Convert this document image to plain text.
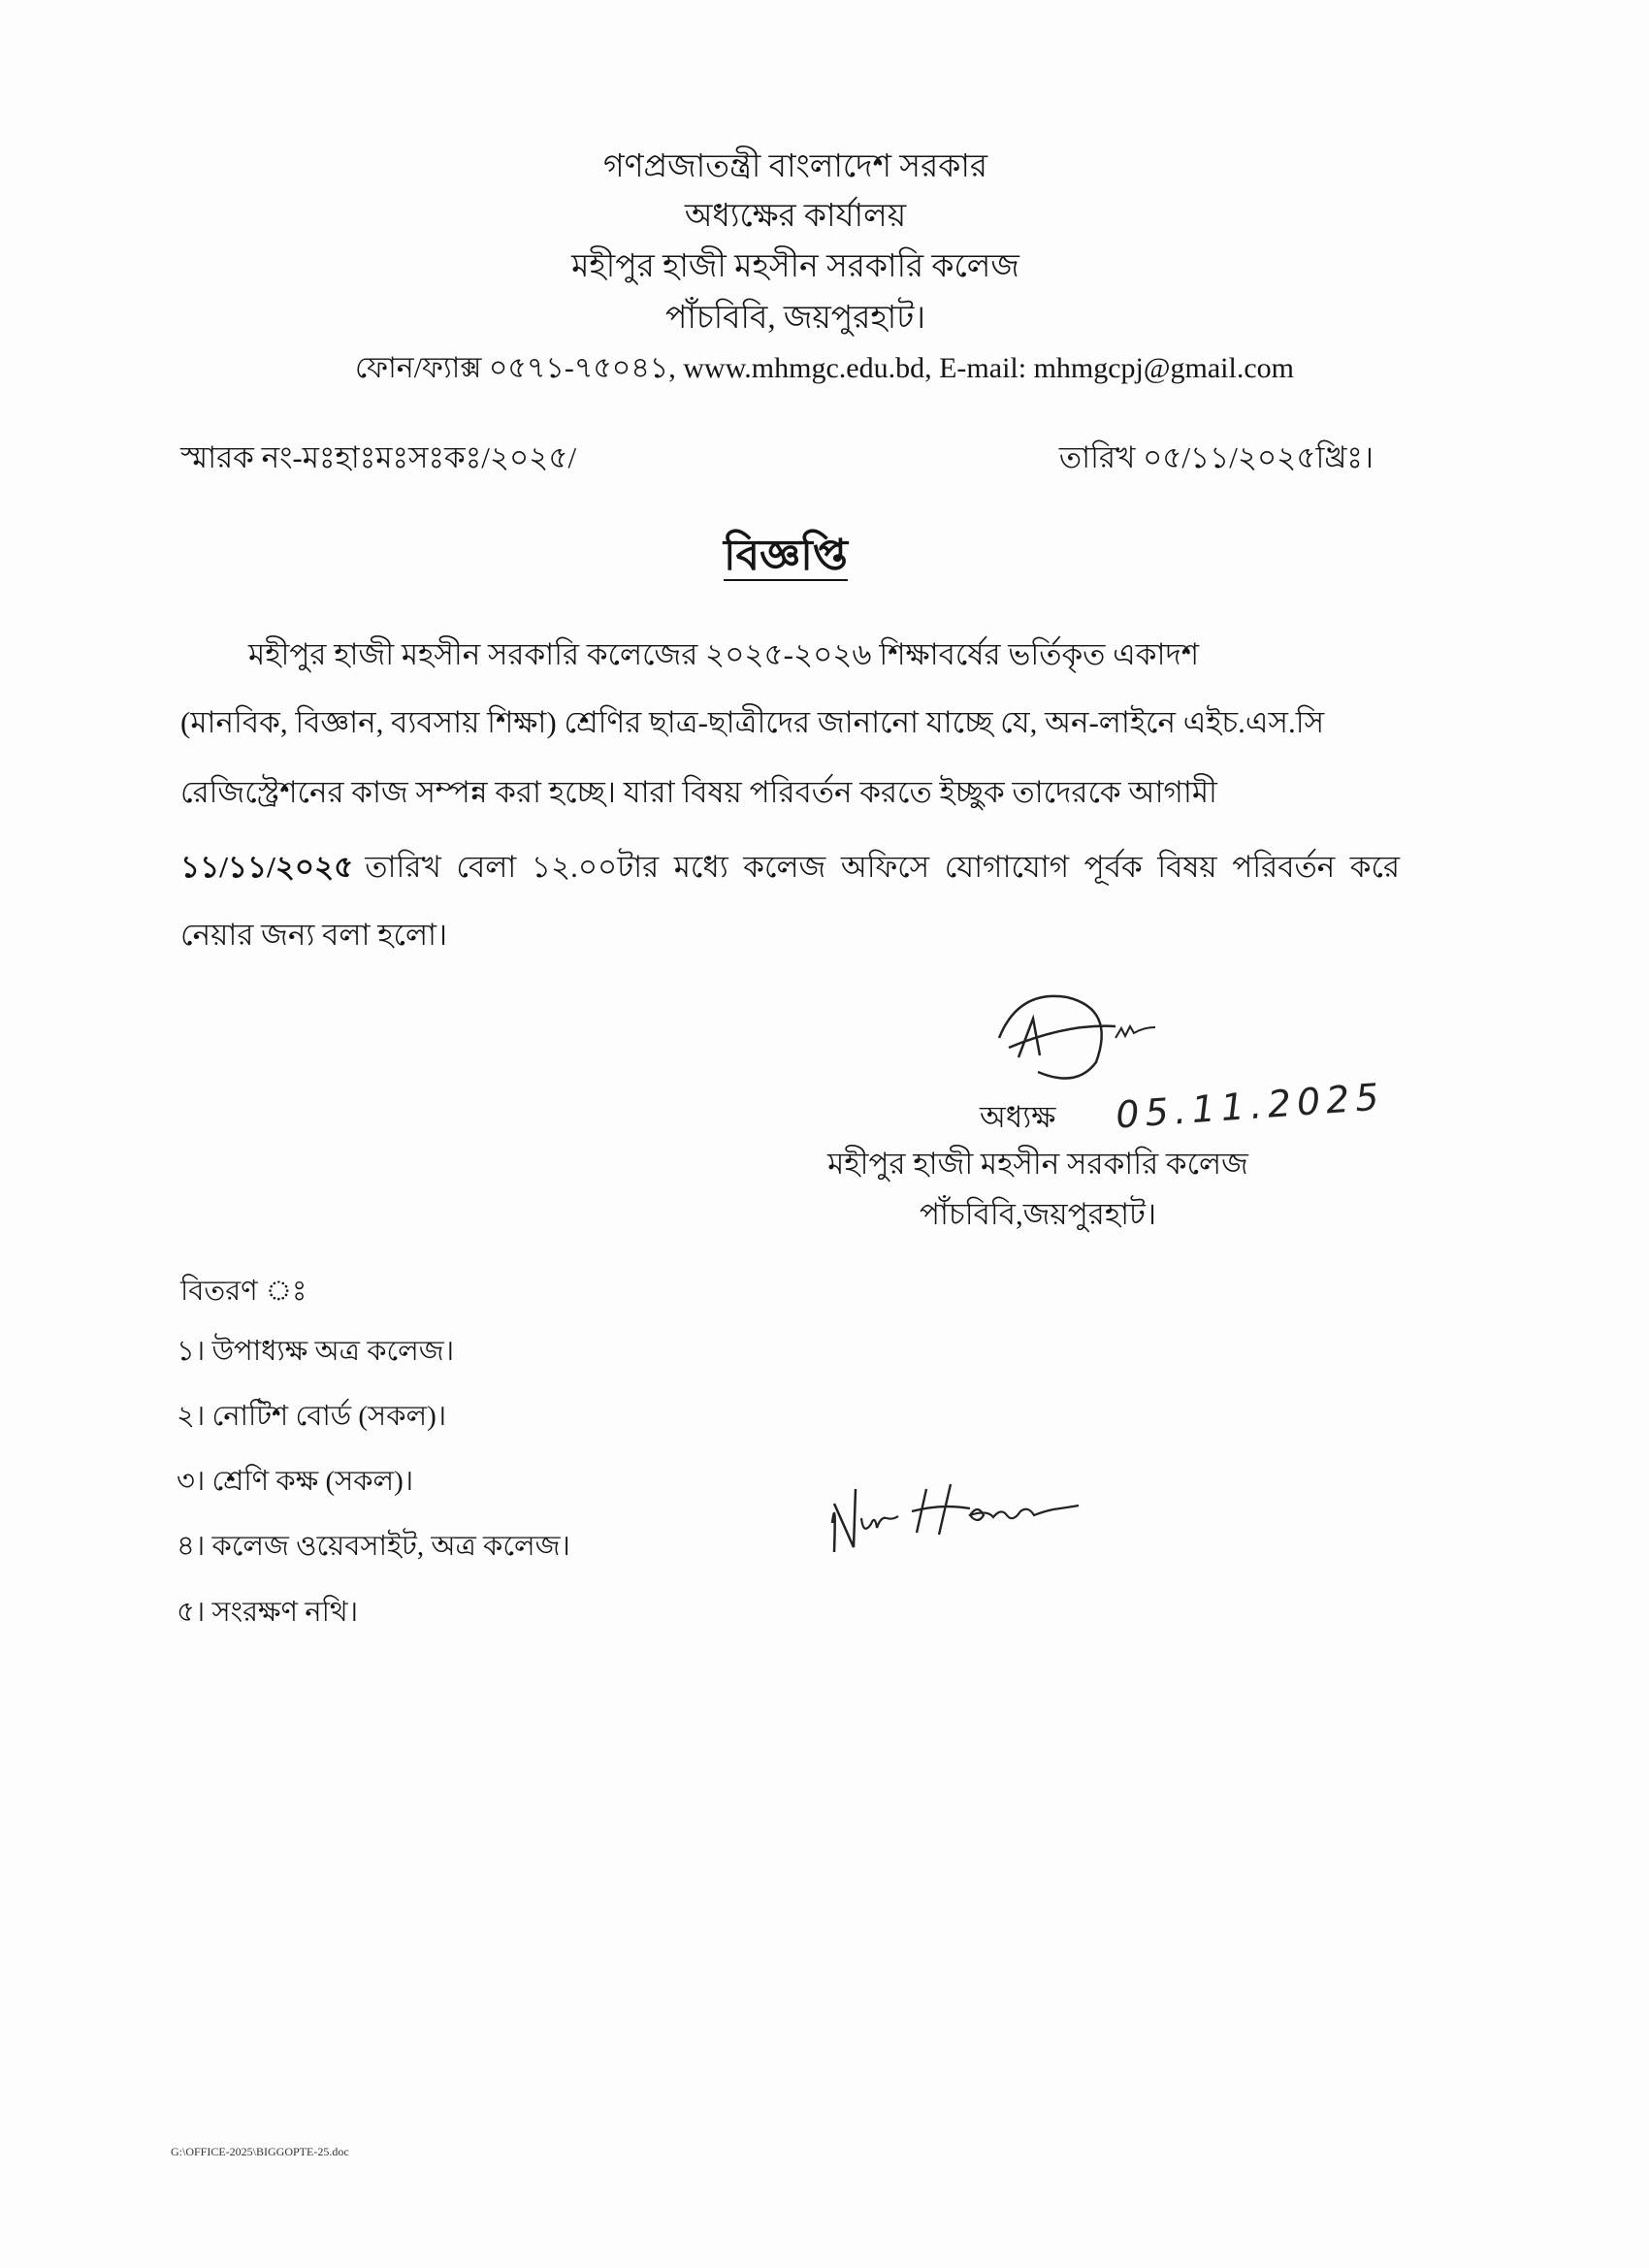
গণপ্রজাতন্ত্রী বাংলাদেশ সরকার
অধ্যক্ষের কার্যালয়
মহীপুর হাজী মহসীন সরকারি কলেজ
পাঁচবিবি, জয়পুরহাট।
ফোন/ফ্যাক্স ০৫৭১-৭৫০৪১, www.mhmgc.edu.bd, E-mail: mhmgcpj@gmail.com
স্মারক নং-মঃহাঃমঃসঃকঃ/২০২৫/	তারিখ ০৫/১১/২০২৫খ্রিঃ।
বিজ্ঞপ্তি
মহীপুর হাজী মহসীন সরকারি কলেজের ২০২৫-২০২৬ শিক্ষাবর্ষের ভর্তিকৃত একাদশ
(মানবিক, বিজ্ঞান, ব্যবসায় শিক্ষা) শ্রেণির ছাত্র-ছাত্রীদের জানানো যাচ্ছে যে, অন-লাইনে এইচ.এস.সি
রেজিস্ট্রেশনের কাজ সম্পন্ন করা হচ্ছে। যারা বিষয় পরিবর্তন করতে ইচ্ছুক তাদেরকে আগামী
১১/১১/২০২৫ তারিখ বেলা ১২.০০টার মধ্যে কলেজ অফিসে যোগাযোগ পূর্বক বিষয় পরিবর্তন করে
নেয়ার জন্য বলা হলো।
05.11.2025
অধ্যক্ষ
মহীপুর হাজী মহসীন সরকারি কলেজ
পাঁচবিবি,জয়পুরহাট।
বিতরণ ঃ
১। উপাধ্যক্ষ অত্র কলেজ।
২। নোটিশ বোর্ড (সকল)।
৩। শ্রেণি কক্ষ (সকল)।
৪। কলেজ ওয়েবসাইট, অত্র কলেজ।
৫। সংরক্ষণ নথি।
G:\OFFICE-2025\BIGGOPTE-25.doc
